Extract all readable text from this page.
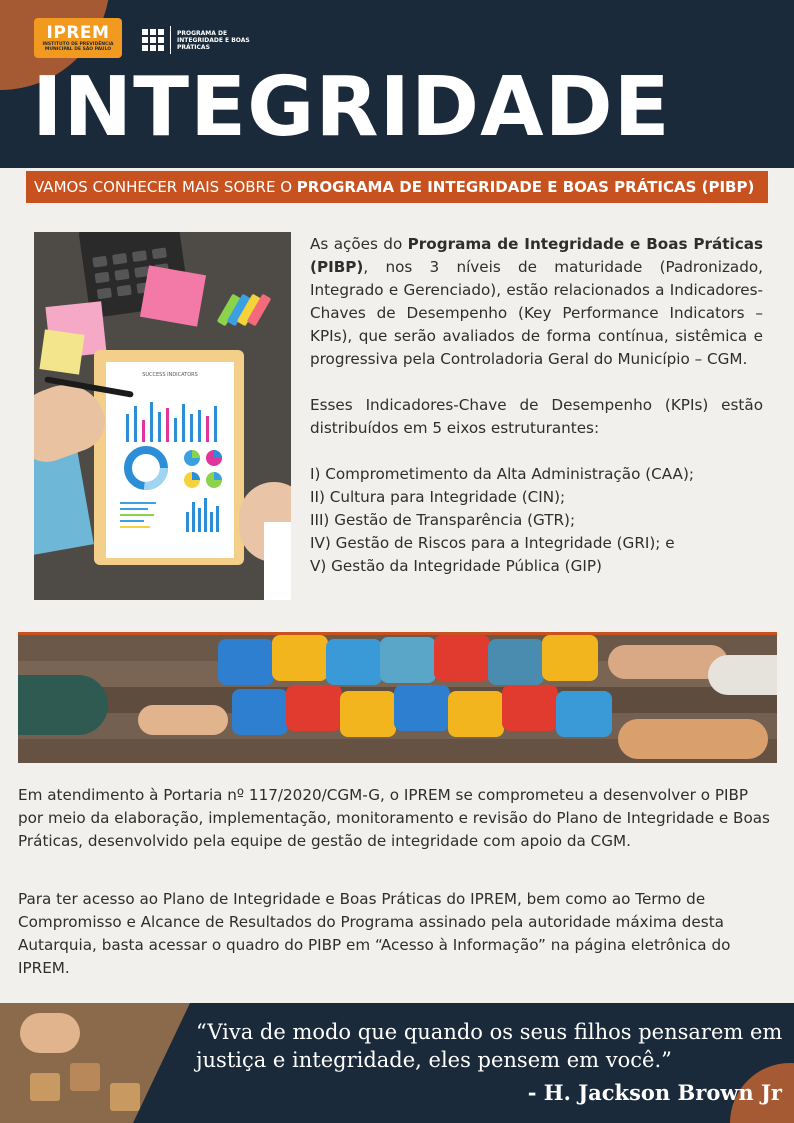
IPREM
INSTITUTO DE PREVIDÊNCIA MUNICIPAL DE SÃO PAULO
PROGRAMA DE INTEGRIDADE E BOAS PRÁTICAS
INTEGRIDADE
VAMOS CONHECER MAIS SOBRE O PROGRAMA DE INTEGRIDADE E BOAS PRÁTICAS (PIBP)
SUCCESS INDICATORS

As ações do Programa de Integridade e Boas Práticas (PIBP), nos 3 níveis de maturidade (Padronizado, Integrado e Gerenciado), estão relacionados a Indicadores-Chaves de Desempenho (Key Performance Indicators – KPIs), que serão avaliados de forma contínua, sistêmica e progressiva pela Controladoria Geral do Município – CGM.

Esses Indicadores-Chave de Desempenho (KPIs) estão distribuídos em 5 eixos estruturantes:

I) Comprometimento da Alta Administração (CAA);
II) Cultura para Integridade (CIN);
III) Gestão de Transparência (GTR);
IV) Gestão de Riscos para a Integridade (GRI); e
V) Gestão da Integridade Pública (GIP)

Em atendimento à Portaria nº 117/2020/CGM-G, o IPREM se comprometeu a desenvolver o PIBP por meio da elaboração, implementação, monitoramento e revisão do Plano de Integridade e Boas Práticas, desenvolvido pela equipe de gestão de integridade com apoio da CGM.

Para ter acesso ao Plano de Integridade e Boas Práticas do IPREM, bem como ao Termo de Compromisso e Alcance de Resultados do Programa assinado pela autoridade máxima desta Autarquia, basta acessar o quadro do PIBP em “Acesso à Informação” na página eletrônica do IPREM.

“Viva de modo que quando os seus filhos pensarem em justiça e integridade, eles pensem em você.”

- H. Jackson Brown Jr
